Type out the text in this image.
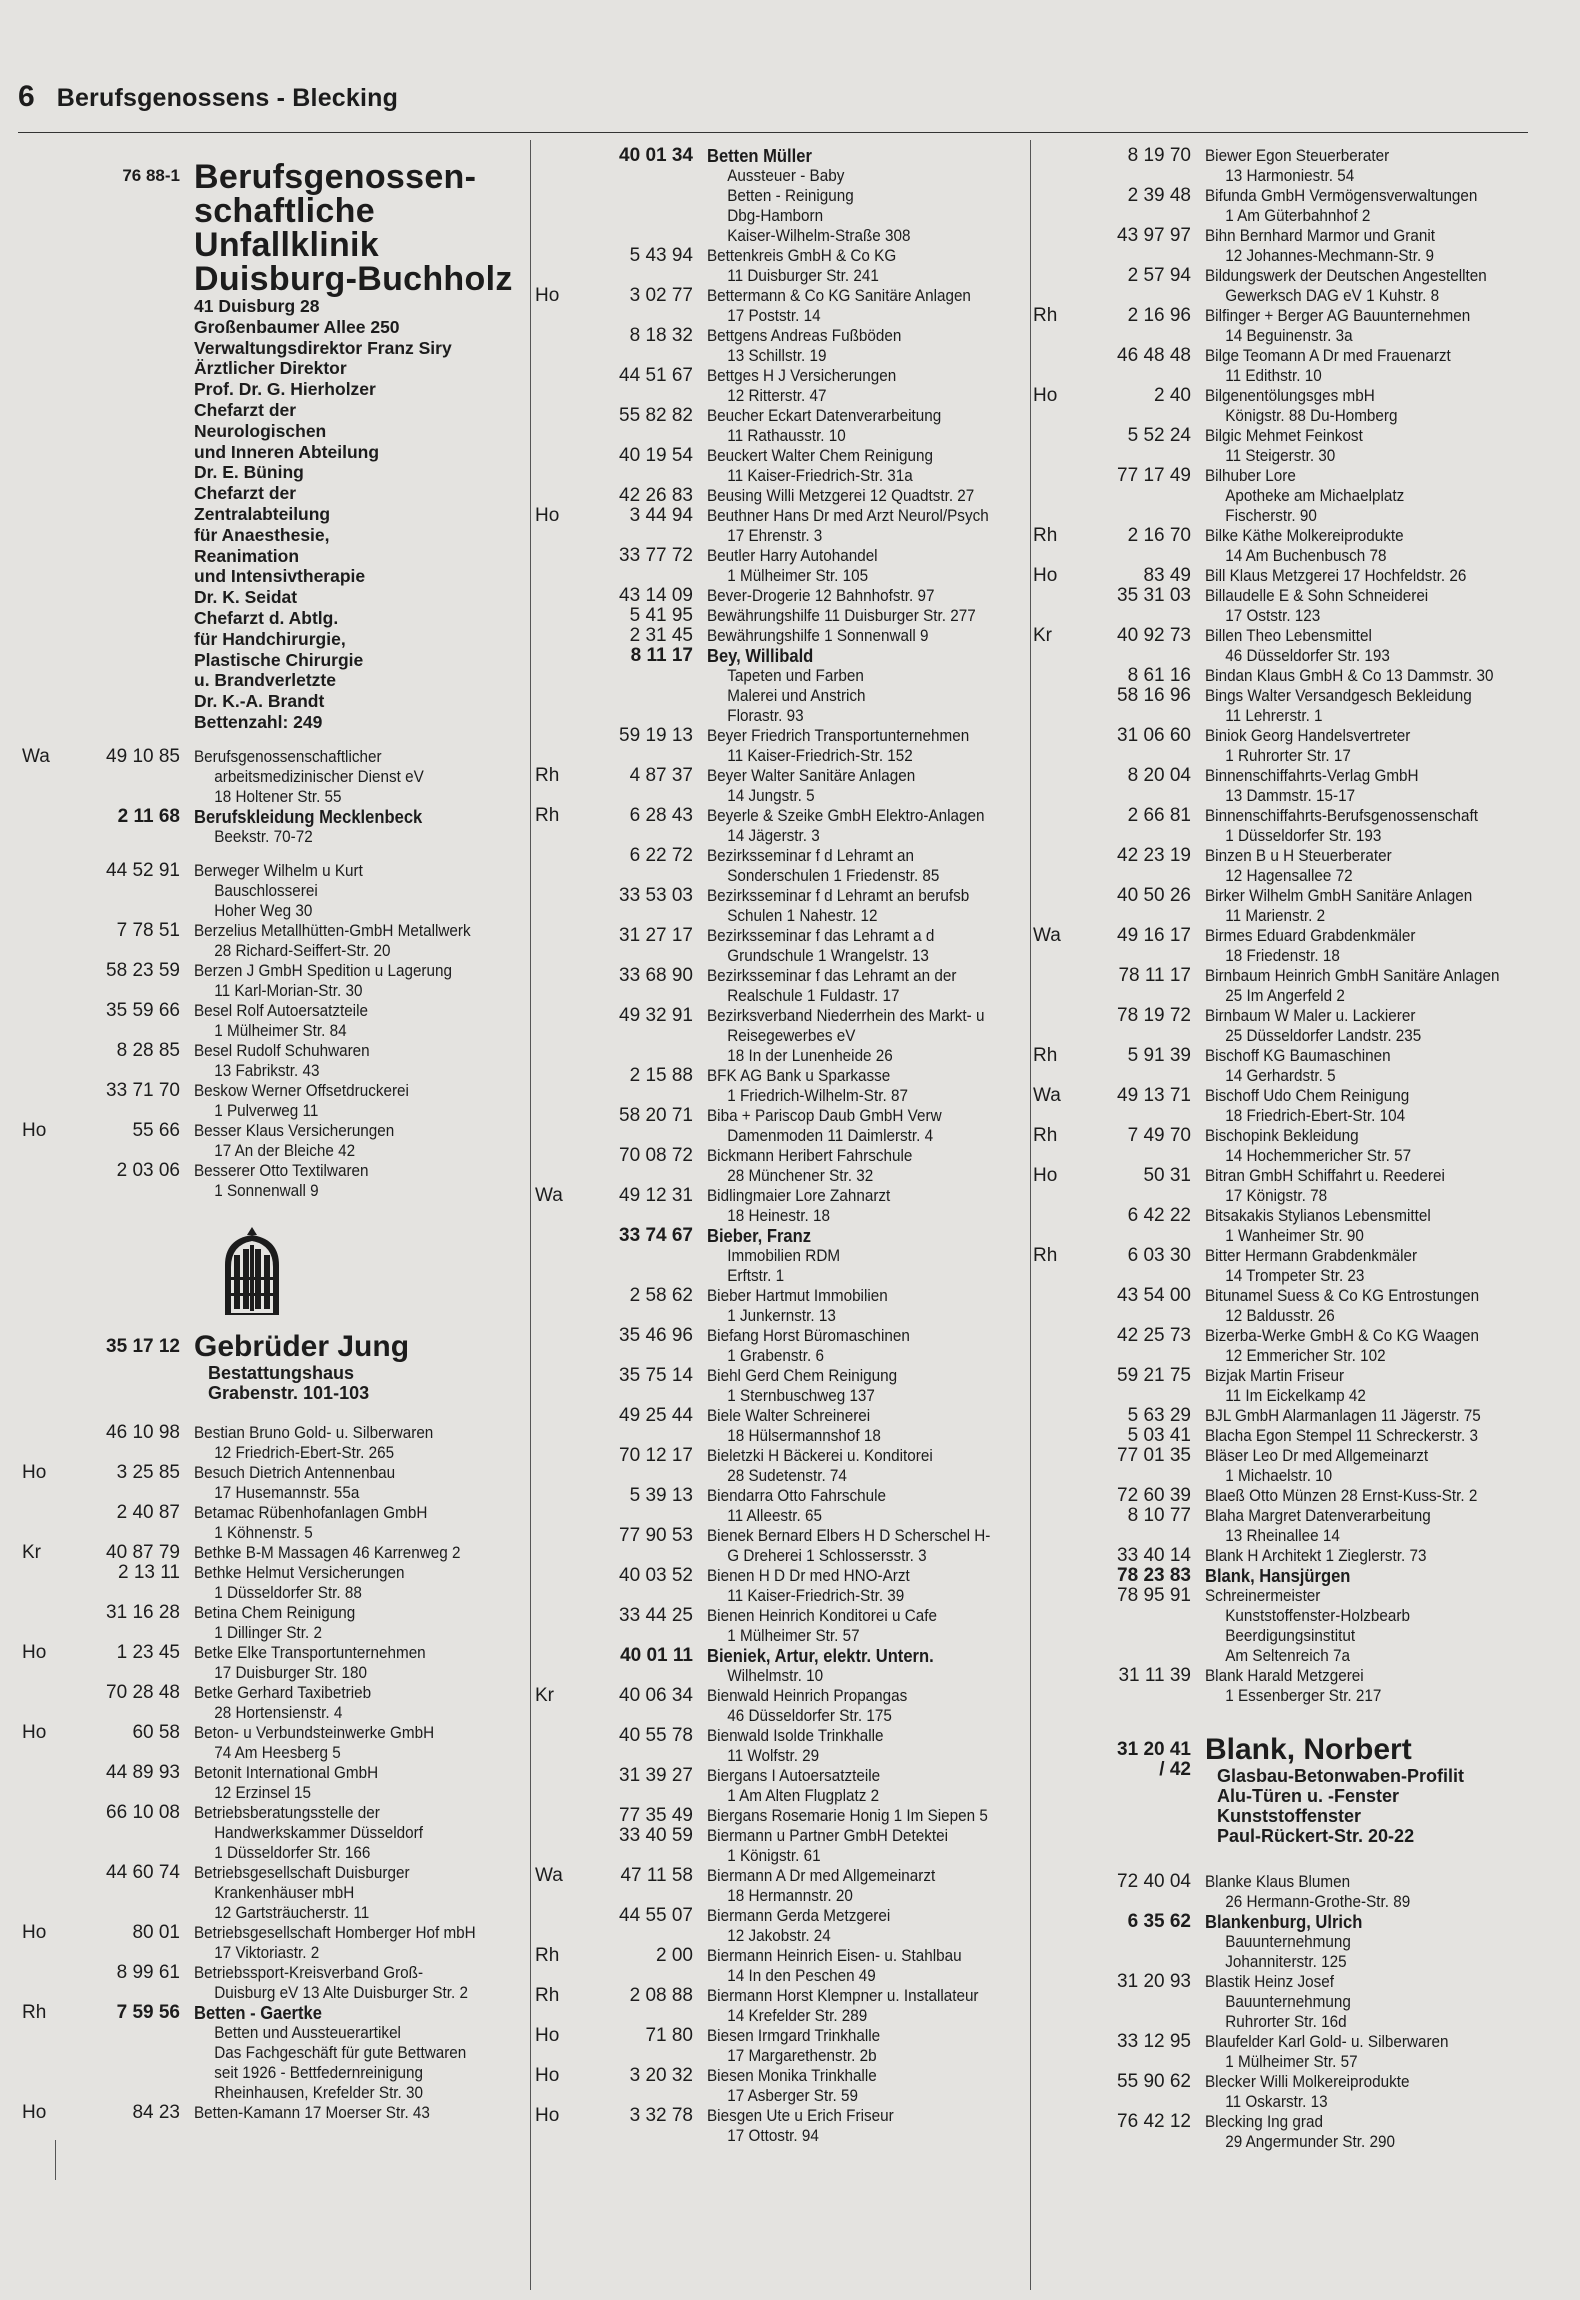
6 Berufsgenossens - Blecking
76 88-1 Berufsgenossen-
schaftliche
Unfallklinik
Duisburg-Buchholz
41 Duisburg 28
Großenbaumer Allee 250
Verwaltungsdirektor Franz Siry
Ärztlicher Direktor
Prof. Dr. G. Hierholzer
Chefarzt der
Neurologischen
und Inneren Abteilung
Dr. E. Büning
Chefarzt der
Zentralabteilung
für Anaesthesie,
Reanimation
und Intensivtherapie
Dr. K. Seidat
Chefarzt d. Abtlg.
für Handchirurgie,
Plastische Chirurgie
u. Brandverletzte
Dr. K.-A. Brandt
Bettenzahl: 249
Wa	49 10 85 Berufsgenossenschaftlicher
arbeitsmedizinischer Dienst eV
18 Holtener Str. 55
2 11 68 Berufskleidung Mecklenbeck
Beekstr. 70-72
44 52 91 Berweger Wilhelm u Kurt
Bauschlosserei
Hoher Weg 30
7 78 51 Berzelius Metallhütten-GmbH Metallwerk
28 Richard-Seiffert-Str. 20
58 23 59 Berzen J GmbH Spedition u Lagerung
11 Karl-Morian-Str. 30
35 59 66 Besel Rolf Autoersatzteile
1 Mülheimer Str. 84
8 28 85 Besel Rudolf Schuhwaren
13 Fabrikstr. 43
33 71 70 Beskow Werner Offsetdruckerei
1 Pulverweg 11
Ho	55 66 Besser Klaus Versicherungen
17 An der Bleiche 42
2 03 06 Besserer Otto Textilwaren
1 Sonnenwall 9
35 17 12 Gebrüder Jung
Bestattungshaus
Grabenstr. 101-103
46 10 98 Bestian Bruno Gold- u. Silberwaren
12 Friedrich-Ebert-Str. 265
Ho	3 25 85 Besuch Dietrich Antennenbau
17 Husemannstr. 55a
2 40 87 Betamac Rübenhofanlagen GmbH
1 Köhnenstr. 5
Kr	40 87 79 Bethke B-M Massagen 46 Karrenweg 2
2 13 11 Bethke Helmut Versicherungen
1 Düsseldorfer Str. 88
31 16 28 Betina Chem Reinigung
1 Dillinger Str. 2
Ho	1 23 45 Betke Elke Transportunternehmen
17 Duisburger Str. 180
70 28 48 Betke Gerhard Taxibetrieb
28 Hortensienstr. 4
Ho	60 58 Beton- u Verbundsteinwerke GmbH
74 Am Heesberg 5
44 89 93 Betonit International GmbH
12 Erzinsel 15
66 10 08 Betriebsberatungsstelle der
Handwerkskammer Düsseldorf
1 Düsseldorfer Str. 166
44 60 74 Betriebsgesellschaft Duisburger
Krankenhäuser mbH
12 Gartsträucherstr. 11
Ho	80 01 Betriebsgesellschaft Homberger Hof mbH
17 Viktoriastr. 2
8 99 61 Betriebssport-Kreisverband Groß-
Duisburg eV 13 Alte Duisburger Str. 2
Rh	7 59 56 Betten - Gaertke
Betten und Aussteuerartikel
Das Fachgeschäft für gute Bettwaren
seit 1926 - Bettfedernreinigung
Rheinhausen, Krefelder Str. 30
Ho	84 23 Betten-Kamann 17 Moerser Str. 43
40 01 34 Betten Müller
Aussteuer - Baby
Betten - Reinigung
Dbg-Hamborn
Kaiser-Wilhelm-Straße 308
5 43 94 Bettenkreis GmbH & Co KG
11 Duisburger Str. 241
Ho	3 02 77 Bettermann & Co KG Sanitäre Anlagen
17 Poststr. 14
8 18 32 Bettgens Andreas Fußböden
13 Schillstr. 19
44 51 67 Bettges H J Versicherungen
12 Ritterstr. 47
55 82 82 Beucher Eckart Datenverarbeitung
11 Rathausstr. 10
40 19 54 Beuckert Walter Chem Reinigung
11 Kaiser-Friedrich-Str. 31a
42 26 83 Beusing Willi Metzgerei 12 Quadtstr. 27
Ho	3 44 94 Beuthner Hans Dr med Arzt Neurol/Psych
17 Ehrenstr. 3
33 77 72 Beutler Harry Autohandel
1 Mülheimer Str. 105
43 14 09 Bever-Drogerie 12 Bahnhofstr. 97
5 41 95 Bewährungshilfe 11 Duisburger Str. 277
2 31 45 Bewährungshilfe 1 Sonnenwall 9
8 11 17 Bey, Willibald
Tapeten und Farben
Malerei und Anstrich
Florastr. 93
59 19 13 Beyer Friedrich Transportunternehmen
11 Kaiser-Friedrich-Str. 152
Rh	4 87 37 Beyer Walter Sanitäre Anlagen
14 Jungstr. 5
Rh	6 28 43 Beyerle & Szeike GmbH Elektro-Anlagen
14 Jägerstr. 3
6 22 72 Bezirksseminar f d Lehramt an
Sonderschulen 1 Friedenstr. 85
33 53 03 Bezirksseminar f d Lehramt an berufsb
Schulen 1 Nahestr. 12
31 27 17 Bezirksseminar f das Lehramt a d
Grundschule 1 Wrangelstr. 13
33 68 90 Bezirksseminar f das Lehramt an der
Realschule 1 Fuldastr. 17
49 32 91 Bezirksverband Niederrhein des Markt- u
Reisegewerbes eV
18 In der Lunenheide 26
2 15 88 BFK AG Bank u Sparkasse
1 Friedrich-Wilhelm-Str. 87
58 20 71 Biba + Pariscop Daub GmbH Verw
Damenmoden 11 Daimlerstr. 4
70 08 72 Bickmann Heribert Fahrschule
28 Münchener Str. 32
Wa	49 12 31 Bidlingmaier Lore Zahnarzt
18 Heinestr. 18
33 74 67 Bieber, Franz
Immobilien RDM
Erftstr. 1
2 58 62 Bieber Hartmut Immobilien
1 Junkernstr. 13
35 46 96 Biefang Horst Büromaschinen
1 Grabenstr. 6
35 75 14 Biehl Gerd Chem Reinigung
1 Sternbuschweg 137
49 25 44 Biele Walter Schreinerei
18 Hülsermannshof 18
70 12 17 Bieletzki H Bäckerei u. Konditorei
28 Sudetenstr. 74
5 39 13 Biendarra Otto Fahrschule
11 Alleestr. 65
77 90 53 Bienek Bernard Elbers H D Scherschel H-
G Dreherei 1 Schlossersstr. 3
40 03 52 Bienen H D Dr med HNO-Arzt
11 Kaiser-Friedrich-Str. 39
33 44 25 Bienen Heinrich Konditorei u Cafe
1 Mülheimer Str. 57
40 01 11 Bieniek, Artur, elektr. Untern.
Wilhelmstr. 10
Kr	40 06 34 Bienwald Heinrich Propangas
46 Düsseldorfer Str. 175
40 55 78 Bienwald Isolde Trinkhalle
11 Wolfstr. 29
31 39 27 Biergans I Autoersatzteile
1 Am Alten Flugplatz 2
77 35 49 Biergans Rosemarie Honig 1 Im Siepen 5
33 40 59 Biermann u Partner GmbH Detektei
1 Königstr. 61
Wa	47 11 58 Biermann A Dr med Allgemeinarzt
18 Hermannstr. 20
44 55 07 Biermann Gerda Metzgerei
12 Jakobstr. 24
Rh	2 00 Biermann Heinrich Eisen- u. Stahlbau
14 In den Peschen 49
Rh	2 08 88 Biermann Horst Klempner u. Installateur
14 Krefelder Str. 289
Ho	71 80 Biesen Irmgard Trinkhalle
17 Margarethenstr. 2b
Ho	3 20 32 Biesen Monika Trinkhalle
17 Asberger Str. 59
Ho	3 32 78 Biesgen Ute u Erich Friseur
17 Ottostr. 94
8 19 70 Biewer Egon Steuerberater
13 Harmoniestr. 54
2 39 48 Bifunda GmbH Vermögensverwaltungen
1 Am Güterbahnhof 2
43 97 97 Bihn Bernhard Marmor und Granit
12 Johannes-Mechmann-Str. 9
2 57 94 Bildungswerk der Deutschen Angestellten
Gewerksch DAG eV 1 Kuhstr. 8
Rh	2 16 96 Bilfinger + Berger AG Bauunternehmen
14 Beguinenstr. 3a
46 48 48 Bilge Teomann A Dr med Frauenarzt
11 Edithstr. 10
Ho	2 40 Bilgenentölungsges mbH
Königstr. 88 Du-Homberg
5 52 24 Bilgic Mehmet Feinkost
11 Steigerstr. 30
77 17 49 Bilhuber Lore
Apotheke am Michaelplatz
Fischerstr. 90
Rh	2 16 70 Bilke Käthe Molkereiprodukte
14 Am Buchenbusch 78
Ho	83 49 Bill Klaus Metzgerei 17 Hochfeldstr. 26
35 31 03 Billaudelle E & Sohn Schneiderei
17 Oststr. 123
Kr	40 92 73 Billen Theo Lebensmittel
46 Düsseldorfer Str. 193
8 61 16 Bindan Klaus GmbH & Co 13 Dammstr. 30
58 16 96 Bings Walter Versandgesch Bekleidung
11 Lehrerstr. 1
31 06 60 Biniok Georg Handelsvertreter
1 Ruhrorter Str. 17
8 20 04 Binnenschiffahrts-Verlag GmbH
13 Dammstr. 15-17
2 66 81 Binnenschiffahrts-Berufsgenossenschaft
1 Düsseldorfer Str. 193
42 23 19 Binzen B u H Steuerberater
12 Hagensallee 72
40 50 26 Birker Wilhelm GmbH Sanitäre Anlagen
11 Marienstr. 2
Wa	49 16 17 Birmes Eduard Grabdenkmäler
18 Friedenstr. 18
78 11 17 Birnbaum Heinrich GmbH Sanitäre Anlagen
25 Im Angerfeld 2
78 19 72 Birnbaum W Maler u. Lackierer
25 Düsseldorfer Landstr. 235
Rh	5 91 39 Bischoff KG Baumaschinen
14 Gerhardstr. 5
Wa	49 13 71 Bischoff Udo Chem Reinigung
18 Friedrich-Ebert-Str. 104
Rh	7 49 70 Bischopink Bekleidung
14 Hochemmericher Str. 57
Ho	50 31 Bitran GmbH Schiffahrt u. Reederei
17 Königstr. 78
6 42 22 Bitsakakis Stylianos Lebensmittel
1 Wanheimer Str. 90
Rh	6 03 30 Bitter Hermann Grabdenkmäler
14 Trompeter Str. 23
43 54 00 Bitunamel Suess & Co KG Entrostungen
12 Baldusstr. 26
42 25 73 Bizerba-Werke GmbH & Co KG Waagen
12 Emmericher Str. 102
59 21 75 Bizjak Martin Friseur
11 Im Eickelkamp 42
5 63 29 BJL GmbH Alarmanlagen 11 Jägerstr. 75
5 03 41 Blacha Egon Stempel 11 Schreckerstr. 3
77 01 35 Bläser Leo Dr med Allgemeinarzt
1 Michaelstr. 10
72 60 39 Blaeß Otto Münzen 28 Ernst-Kuss-Str. 2
8 10 77 Blaha Margret Datenverarbeitung
13 Rheinallee 14
33 40 14 Blank H Architekt 1 Zieglerstr. 73
78 23 83 Blank, Hansjürgen
78 95 91 Schreinermeister
Kunststoffenster-Holzbearb
Beerdigungsinstitut
Am Seltenreich 7a
31 11 39 Blank Harald Metzgerei
1 Essenberger Str. 217
31 20 41
/ 42
Blank, Norbert
Glasbau-Betonwaben-Profilit
Alu-Türen u. -Fenster
Kunststoffenster
Paul-Rückert-Str. 20-22
72 40 04 Blanke Klaus Blumen
26 Hermann-Grothe-Str. 89
6 35 62 Blankenburg, Ulrich
Bauunternehmung
Johanniterstr. 125
31 20 93 Blastik Heinz Josef
Bauunternehmung
Ruhrorter Str. 16d
33 12 95 Blaufelder Karl Gold- u. Silberwaren
1 Mülheimer Str. 57
55 90 62 Blecker Willi Molkereiprodukte
11 Oskarstr. 13
76 42 12 Blecking Ing grad
29 Angermunder Str. 290
